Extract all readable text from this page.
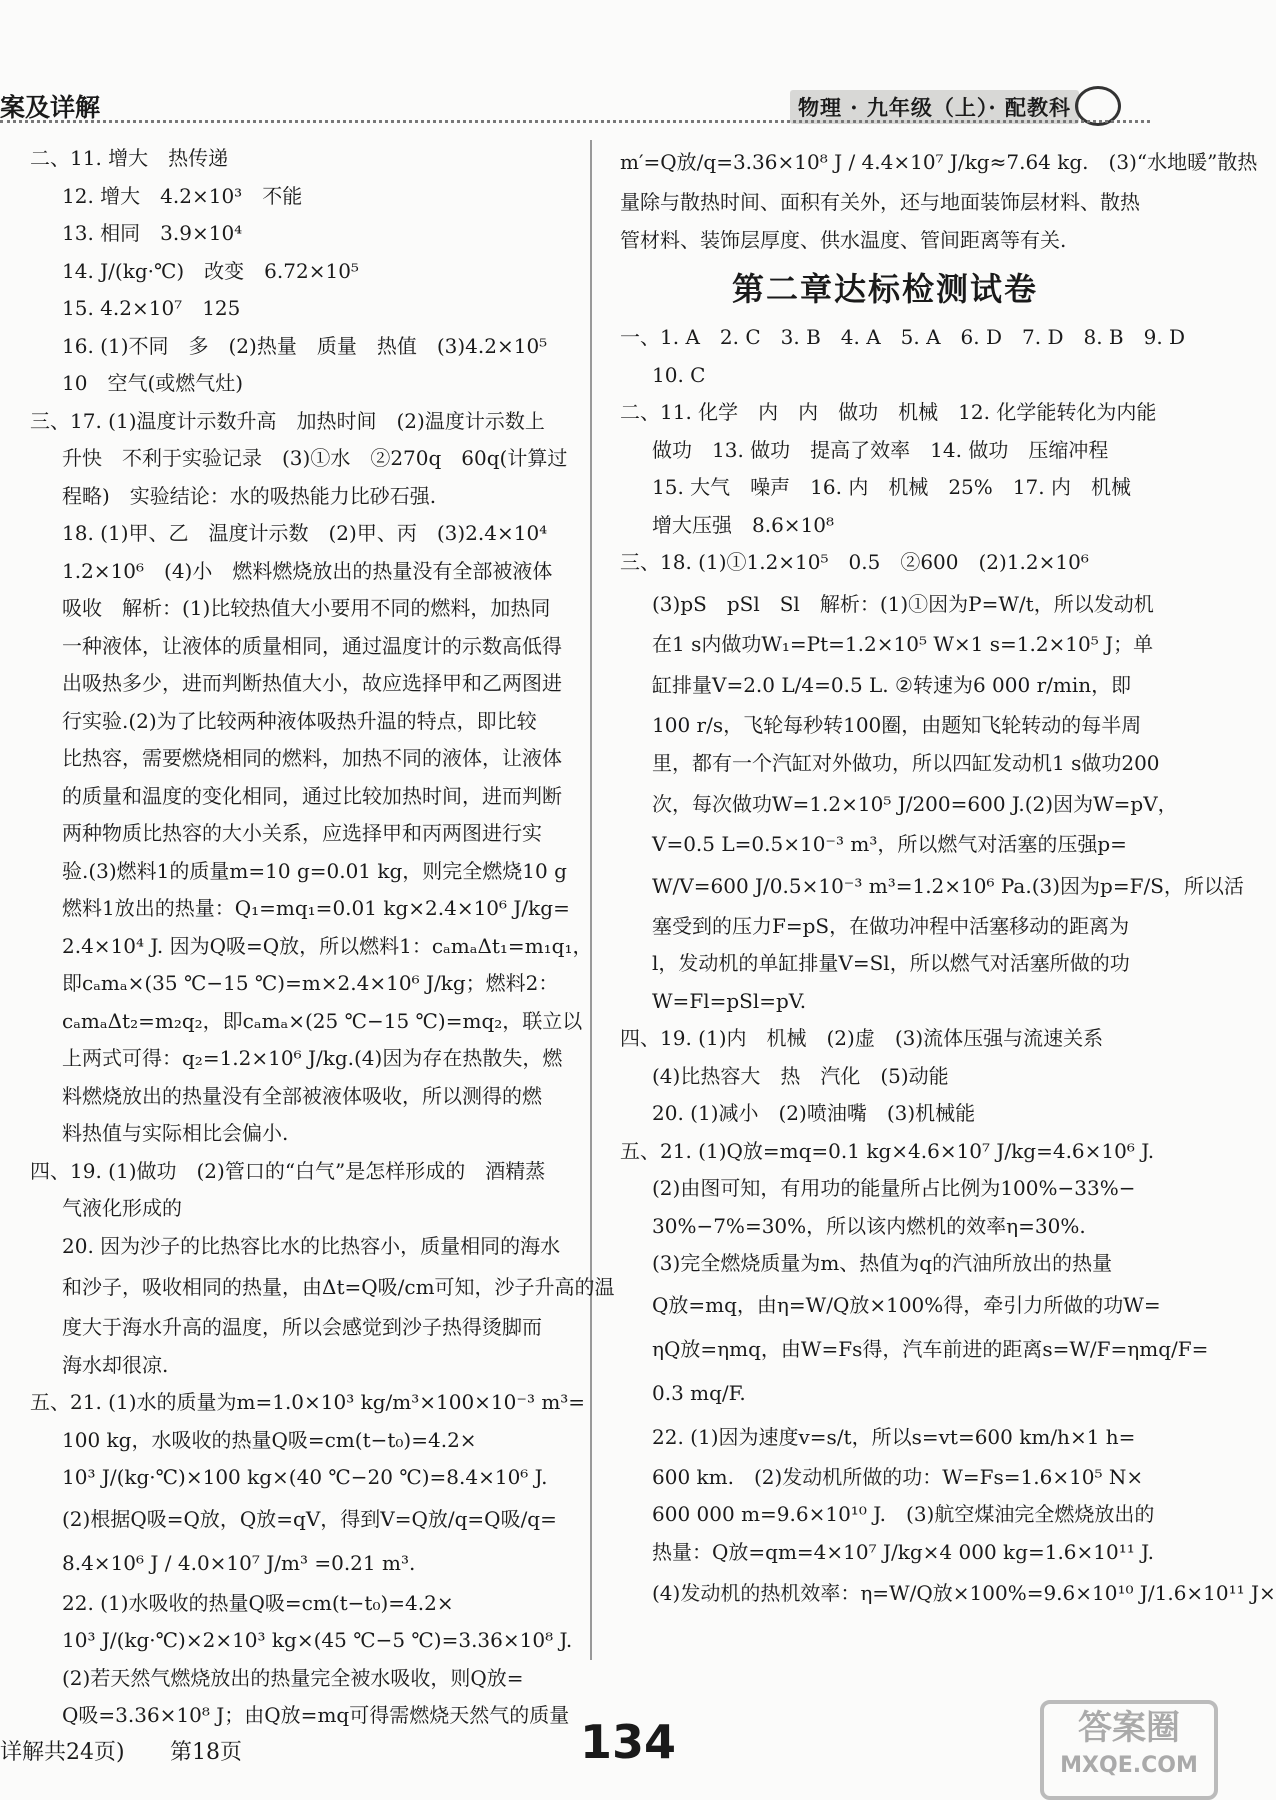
案及详解	物理 · 九年级（上）· 配教科
二、11. 增大　热传递
12. 增大　4.2×10³　不能
13. 相同　3.9×10⁴
14. J/(kg·℃)　改变　6.72×10⁵
15. 4.2×10⁷　125
16. (1)不同　多　(2)热量　质量　热值　(3)4.2×10⁵
10　空气(或燃气灶)
三、17. (1)温度计示数升高　加热时间　(2)温度计示数上
升快　不利于实验记录　(3)①水　②270q　60q(计算过
程略)　实验结论：水的吸热能力比砂石强.
18. (1)甲、乙　温度计示数　(2)甲、丙　(3)2.4×10⁴
1.2×10⁶　(4)小　燃料燃烧放出的热量没有全部被液体
吸收　解析：(1)比较热值大小要用不同的燃料，加热同
一种液体，让液体的质量相同，通过温度计的示数高低得
出吸热多少，进而判断热值大小，故应选择甲和乙两图进
行实验.(2)为了比较两种液体吸热升温的特点，即比较
比热容，需要燃烧相同的燃料，加热不同的液体，让液体
的质量和温度的变化相同，通过比较加热时间，进而判断
两种物质比热容的大小关系，应选择甲和丙两图进行实
验.(3)燃料1的质量m=10 g=0.01 kg，则完全燃烧10 g
燃料1放出的热量：Q₁=mq₁=0.01 kg×2.4×10⁶ J/kg=
2.4×10⁴ J. 因为Q吸=Q放，所以燃料1：cₐmₐΔt₁=m₁q₁，
即cₐmₐ×(35 ℃−15 ℃)=m×2.4×10⁶ J/kg；燃料2：
cₐmₐΔt₂=m₂q₂，即cₐmₐ×(25 ℃−15 ℃)=mq₂，联立以
上两式可得：q₂=1.2×10⁶ J/kg.(4)因为存在热散失，燃
料燃烧放出的热量没有全部被液体吸收，所以测得的燃
料热值与实际相比会偏小.
四、19. (1)做功　(2)管口的“白气”是怎样形成的　酒精蒸
气液化形成的
20. 因为沙子的比热容比水的比热容小，质量相同的海水
和沙子，吸收相同的热量，由Δt=Q吸/cm可知，沙子升高的温
度大于海水升高的温度，所以会感觉到沙子热得烫脚而
海水却很凉.
五、21. (1)水的质量为m=1.0×10³ kg/m³×100×10⁻³ m³=
100 kg，水吸收的热量Q吸=cm(t−t₀)=4.2×
10³ J/(kg·℃)×100 kg×(40 ℃−20 ℃)=8.4×10⁶ J.
(2)根据Q吸=Q放，Q放=qV，得到V=Q放/q=Q吸/q=
8.4×10⁶ J / 4.0×10⁷ J/m³ =0.21 m³.
22. (1)水吸收的热量Q吸=cm(t−t₀)=4.2×
10³ J/(kg·℃)×2×10³ kg×(45 ℃−5 ℃)=3.36×10⁸ J.
(2)若天然气燃烧放出的热量完全被水吸收，则Q放=
Q吸=3.36×10⁸ J；由Q放=mq可得需燃烧天然气的质量
m′=Q放/q=3.36×10⁸ J / 4.4×10⁷ J/kg≈7.64 kg.　(3)“水地暖”散热
量除与散热时间、面积有关外，还与地面装饰层材料、散热
管材料、装饰层厚度、供水温度、管间距离等有关.
第二章达标检测试卷
一、1. A　2. C　3. B　4. A　5. A　6. D　7. D　8. B　9. D
10. C
二、11. 化学　内　内　做功　机械　12. 化学能转化为内能
做功　13. 做功　提高了效率　14. 做功　压缩冲程
15. 大气　噪声　16. 内　机械　25%　17. 内　机械
增大压强　8.6×10⁸
三、18. (1)①1.2×10⁵　0.5　②600　(2)1.2×10⁶
(3)pS　pSl　Sl　解析：(1)①因为P=W/t，所以发动机
在1 s内做功W₁=Pt=1.2×10⁵ W×1 s=1.2×10⁵ J；单
缸排量V=2.0 L/4=0.5 L. ②转速为6 000 r/min，即
100 r/s，飞轮每秒转100圈，由题知飞轮转动的每半周
里，都有一个汽缸对外做功，所以四缸发动机1 s做功200
次，每次做功W=1.2×10⁵ J/200=600 J.(2)因为W=pV，
V=0.5 L=0.5×10⁻³ m³，所以燃气对活塞的压强p=
W/V=600 J/0.5×10⁻³ m³=1.2×10⁶ Pa.(3)因为p=F/S，所以活
塞受到的压力F=pS，在做功冲程中活塞移动的距离为
l，发动机的单缸排量V=Sl，所以燃气对活塞所做的功
W=Fl=pSl=pV.
四、19. (1)内　机械　(2)虚　(3)流体压强与流速关系
(4)比热容大　热　汽化　(5)动能
20. (1)减小　(2)喷油嘴　(3)机械能
五、21. (1)Q放=mq=0.1 kg×4.6×10⁷ J/kg=4.6×10⁶ J.
(2)由图可知，有用功的能量所占比例为100%−33%−
30%−7%=30%，所以该内燃机的效率η=30%.
(3)完全燃烧质量为m、热值为q的汽油所放出的热量
Q放=mq，由η=W/Q放×100%得，牵引力所做的功W=
ηQ放=ηmq，由W=Fs得，汽车前进的距离s=W/F=ηmq/F=
0.3 mq/F.
22. (1)因为速度v=s/t，所以s=vt=600 km/h×1 h=
600 km.　(2)发动机所做的功：W=Fs=1.6×10⁵ N×
600 000 m=9.6×10¹⁰ J.　(3)航空煤油完全燃烧放出的
热量：Q放=qm=4×10⁷ J/kg×4 000 kg=1.6×10¹¹ J.
(4)发动机的热机效率：η=W/Q放×100%=9.6×10¹⁰ J/1.6×10¹¹ J×
详解共24页) 第18页	134	答案圈
MXQE.COM
